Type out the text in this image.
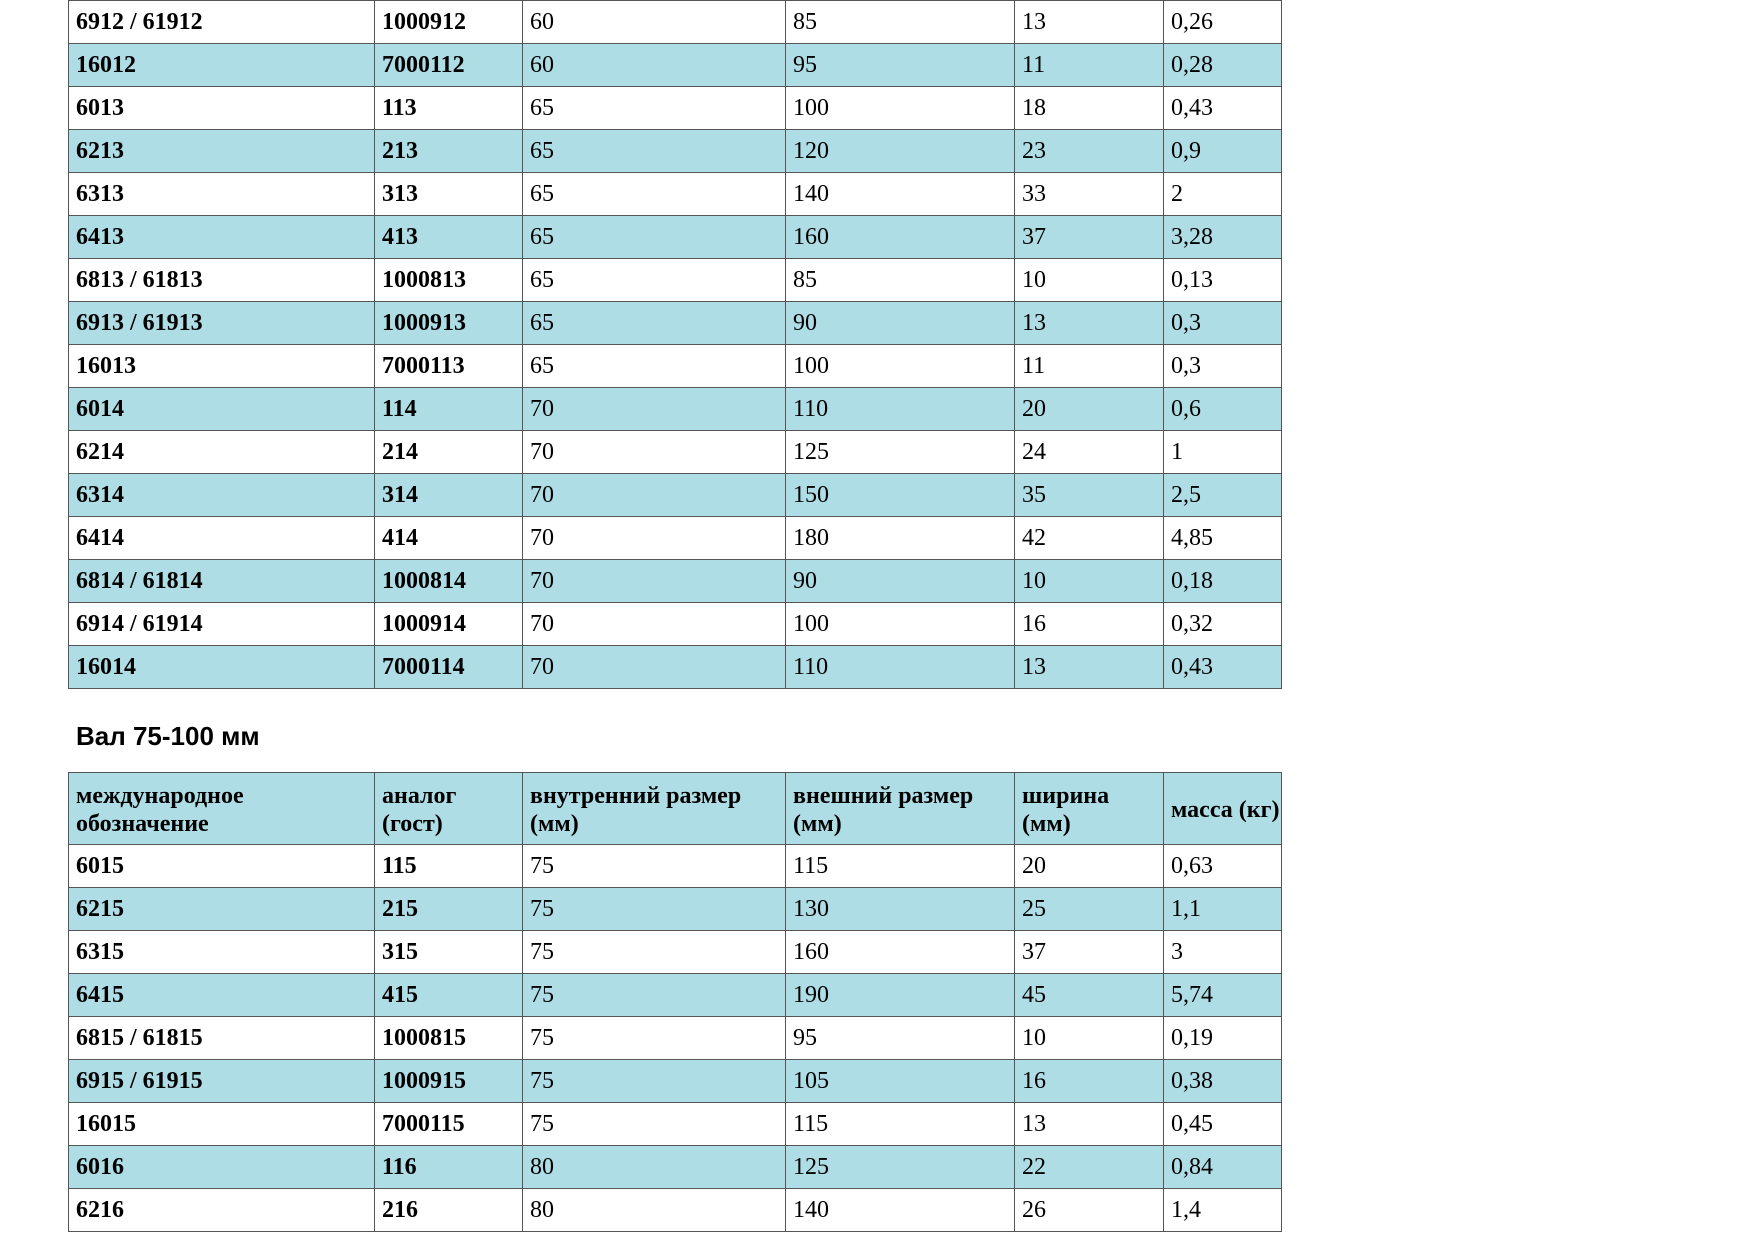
6912 / 61912	1000912	60	85	13	0,26
16012	7000112	60	95	11	0,28
6013	113	65	100	18	0,43
6213	213	65	120	23	0,9
6313	313	65	140	33	2
6413	413	65	160	37	3,28
6813 / 61813	1000813	65	85	10	0,13
6913 / 61913	1000913	65	90	13	0,3
16013	7000113	65	100	11	0,3
6014	114	70	110	20	0,6
6214	214	70	125	24	1
6314	314	70	150	35	2,5
6414	414	70	180	42	4,85
6814 / 61814	1000814	70	90	10	0,18
6914 / 61914	1000914	70	100	16	0,32
16014	7000114	70	110	13	0,43
Вал 75-100 мм
международное обозначение	аналог (гост)	внутренний размер (мм)	внешний размер (мм)	ширина (мм)	масса (кг)
6015	115	75	115	20	0,63
6215	215	75	130	25	1,1
6315	315	75	160	37	3
6415	415	75	190	45	5,74
6815 / 61815	1000815	75	95	10	0,19
6915 / 61915	1000915	75	105	16	0,38
16015	7000115	75	115	13	0,45
6016	116	80	125	22	0,84
6216	216	80	140	26	1,4
